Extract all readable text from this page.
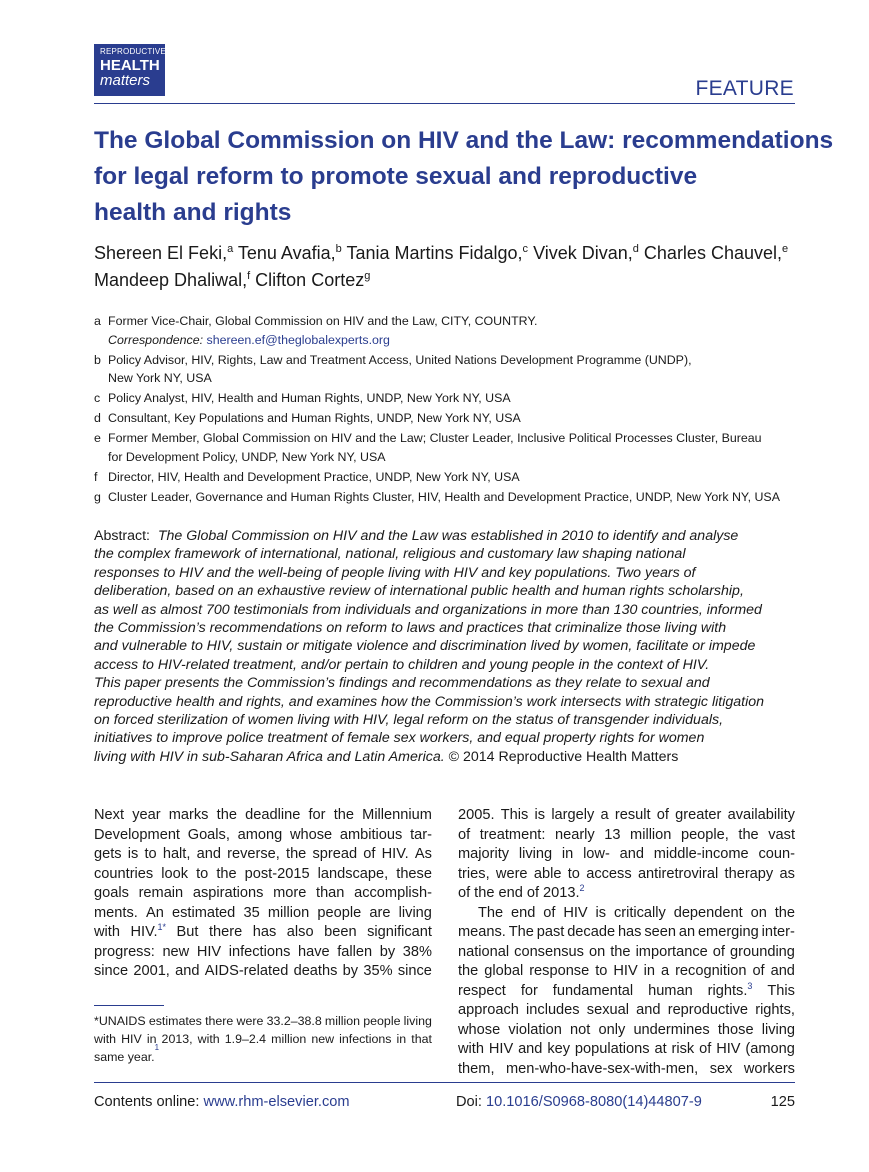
REPRODUCTIVE
HEALTH
matters	FEATURE
The Global Commission on HIV and the Law: recommendations
for legal reform to promote sexual and reproductive
health and rights
Shereen El Feki,$^a$ Tenu Avafia,$^b$ Tania Martins Fidalgo,$^c$ Vivek Divan,$^d$ Charles Chauvel,$^e$
Mandeep Dhaliwal,$^f$ Clifton Cortez$^g$
a Former Vice-Chair, Global Commission on HIV and the Law, CITY, COUNTRY.
Correspondence: shereen.ef@theglobalexperts.org
b Policy Advisor, HIV, Rights, Law and Treatment Access, United Nations Development Programme (UNDP),
New York NY, USA
c Policy Analyst, HIV, Health and Human Rights, UNDP, New York NY, USA
d Consultant, Key Populations and Human Rights, UNDP, New York NY, USA
e Former Member, Global Commission on HIV and the Law; Cluster Leader, Inclusive Political Processes Cluster, Bureau
for Development Policy, UNDP, New York NY, USA
f Director, HIV, Health and Development Practice, UNDP, New York NY, USA
g Cluster Leader, Governance and Human Rights Cluster, HIV, Health and Development Practice, UNDP, New York NY, USA
Abstract: The Global Commission on HIV and the Law was established in 2010 to identify and analyse
the complex framework of international, national, religious and customary law shaping national
responses to HIV and the well-being of people living with HIV and key populations. Two years of
deliberation, based on an exhaustive review of international public health and human rights scholarship,
as well as almost 700 testimonials from individuals and organizations in more than 130 countries, informed
the Commission’s recommendations on reform to laws and practices that criminalize those living with
and vulnerable to HIV, sustain or mitigate violence and discrimination lived by women, facilitate or impede
access to HIV-related treatment, and/or pertain to children and young people in the context of HIV.
This paper presents the Commission’s findings and recommendations as they relate to sexual and
reproductive health and rights, and examines how the Commission’s work intersects with strategic litigation
on forced sterilization of women living with HIV, legal reform on the status of transgender individuals,
initiatives to improve police treatment of female sex workers, and equal property rights for women
living with HIV in sub-Saharan Africa and Latin America. © 2014 Reproductive Health Matters
Next year marks the deadline for the Millennium
Development Goals, among whose ambitious tar-
gets is to halt, and reverse, the spread of HIV. As
countries look to the post-2015 landscape, these
goals remain aspirations more than accomplish-
ments. An estimated 35 million people are living
with HIV.$^{1*}$ But there has also been significant
progress: new HIV infections have fallen by 38%
since 2001, and AIDS-related deaths by 35% since
2005. This is largely a result of greater availability
of treatment: nearly 13 million people, the vast
majority living in low- and middle-income coun-
tries, were able to access antiretroviral therapy as
of the end of 2013.$^2$
The end of HIV is critically dependent on the
means. The past decade has seen an emerging inter-
national consensus on the importance of grounding
the global response to HIV in a recognition of and
respect for fundamental human rights.$^3$ This
approach includes sexual and reproductive rights,
whose violation not only undermines those living
with HIV and key populations at risk of HIV (among
them, men-who-have-sex-with-men, sex workers
*UNAIDS estimates there were 33.2–38.8 million people living
with HIV in 2013, with 1.9–2.4 million new infections in that
same year.
1
Contents online: www.rhm-elsevier.com	Doi: 10.1016/S0968-8080(14)44807-9	125
